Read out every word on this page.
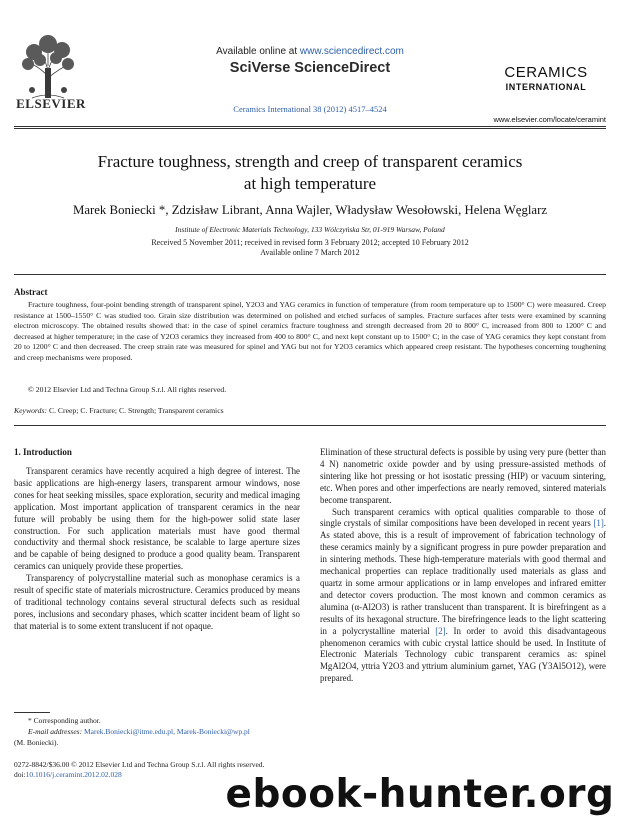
ELSEVIER
Available online at www.sciencedirect.com
SciVerse ScienceDirect
Ceramics International 38 (2012) 4517–4524
CERAMICS
INTERNATIONAL
www.elsevier.com/locate/ceramint
Fracture toughness, strength and creep of transparent ceramics
at high temperature
Marek Boniecki *, Zdzisław Librant, Anna Wajler, Władysław Wesołowski, Helena Węglarz
Institute of Electronic Materials Technology, 133 Wólczyńska Str, 01-919 Warsaw, Poland
Received 5 November 2011; received in revised form 3 February 2012; accepted 10 February 2012
Available online 7 March 2012
Abstract
Fracture toughness, four-point bending strength of transparent spinel, Y2O3 and YAG ceramics in function of temperature (from room temperature up to 1500° C) were measured. Creep resistance at 1500–1550° C was studied too. Grain size distribution was determined on polished and etched surfaces of samples. Fracture surfaces after tests were examined by scanning electron microscopy. The obtained results showed that: in the case of spinel ceramics fracture toughness and strength decreased from 20 to 800° C, increased from 800 to 1200° C and decreased at higher temperature; in the case of Y2O3 ceramics they increased from 400 to 800° C, and next kept constant up to 1500° C; in the case of YAG ceramics they kept constant from 20 to 1200° C and then decreased. The creep strain rate was measured for spinel and YAG but not for Y2O3 ceramics which appeared creep resistant. The hypotheses concerning toughening and creep mechanisms were proposed.
© 2012 Elsevier Ltd and Techna Group S.r.l. All rights reserved.
Keywords: C. Creep; C. Fracture; C. Strength; Transparent ceramics
1. Introduction

Transparent ceramics have recently acquired a high degree of interest. The basic applications are high-energy lasers, transparent armour windows, nose cones for heat seeking missiles, space exploration, security and medical imaging application. Most important application of transparent ceramics in the near future will probably be using them for the high-power solid state laser construction. For such application materials must have good thermal conductivity and thermal shock resistance, be scalable to large aperture sizes and be capable of being designed to produce a good quality beam. Transparent ceramics can uniquely provide these properties.

Transparency of polycrystalline material such as monophase ceramics is a result of specific state of materials microstructure. Ceramics produced by means of traditional technology contains several structural defects such as residual pores, inclusions and secondary phases, which scatter incident beam of light so that material is to some extent translucent if not opaque.

Elimination of these structural defects is possible by using very pure (better than 4 N) nanometric oxide powder and by using pressure-assisted methods of sintering like hot pressing or hot isostatic pressing (HIP) or vacuum sintering, etc. When pores and other imperfections are nearly removed, sintered materials become transparent.

Such transparent ceramics with optical qualities comparable to those of single crystals of similar compositions have been developed in recent years [1]. As stated above, this is a result of improvement of fabrication technology of these ceramics mainly by a significant progress in pure powder preparation and in sintering methods. These high-temperature materials with good thermal and mechanical properties can replace traditionally used materials as glass and quartz in some armour applications or in lamp envelopes and infrared emitter and detector covers production. The most known and common ceramics as alumina (α-Al2O3) is rather translucent than transparent. It is birefringent as a results of its hexagonal structure. The birefringence leads to the light scattering in a polycrystalline material [2]. In order to avoid this disadvantageous phenomenon ceramics with cubic crystal lattice should be used. In Institute of Electronic Materials Technology cubic transparent ceramics as: spinel MgAl2O4, yttria Y2O3 and yttrium aluminium garnet, YAG (Y3Al5O12), were prepared.

* Corresponding author.
E-mail addresses: Marek.Boniecki@itme.edu.pl, Marek-Boniecki@wp.pl
(M. Boniecki).
0272-8842/$36.00 © 2012 Elsevier Ltd and Techna Group S.r.l. All rights reserved.
doi:10.1016/j.ceramint.2012.02.028	ebook-hunter.org
